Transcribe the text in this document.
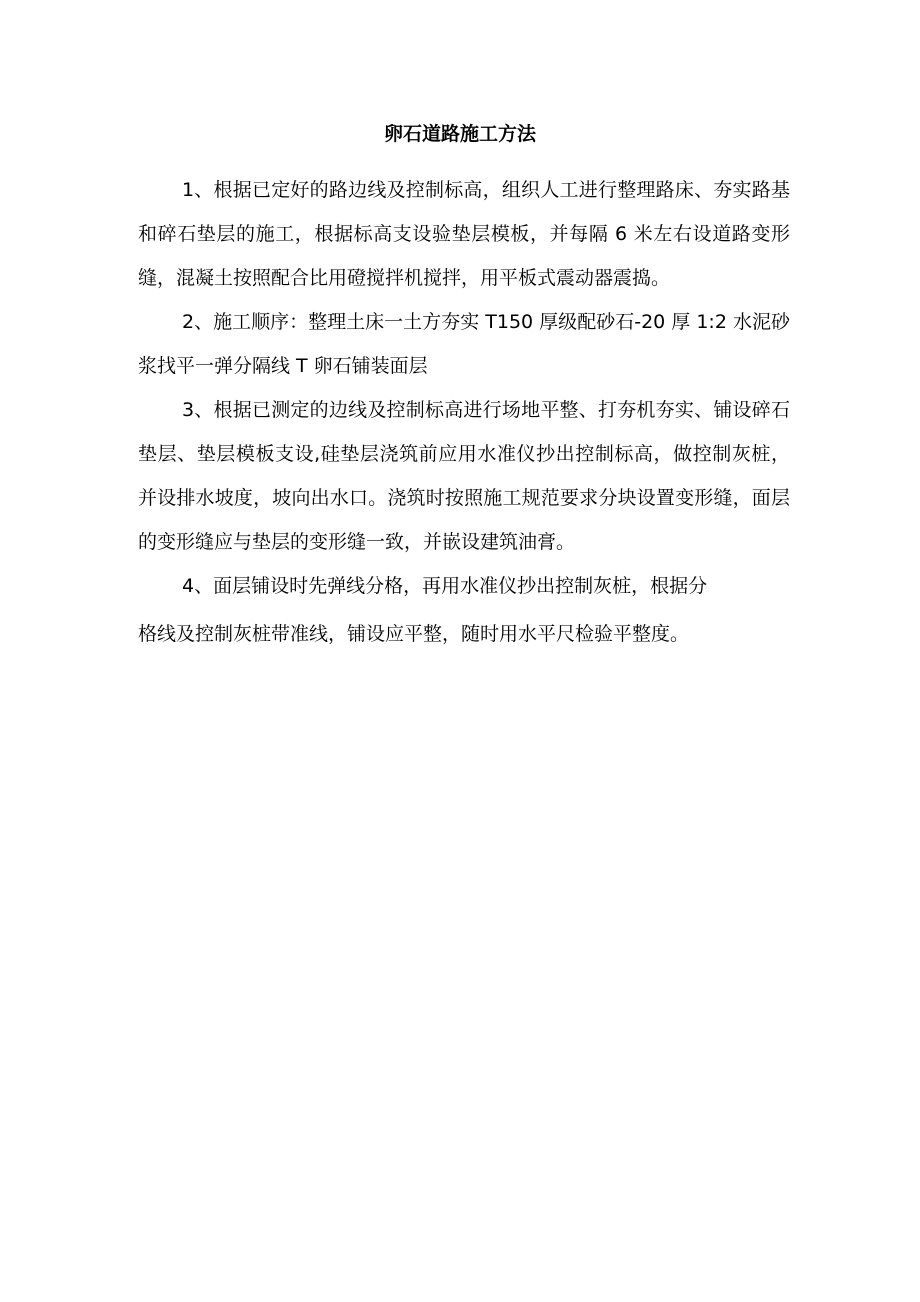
卵石道路施工方法

1、根据已定好的路边线及控制标高，组织人工进行整理路床、夯实路基和碎石垫层的施工，根据标高支设验垫层模板，并每隔 6 米左右设道路变形缝，混凝土按照配合比用磴搅拌机搅拌，用平板式震动器震捣。

2、施工顺序：整理土床一土方夯实 T150 厚级配砂石-20 厚 1:2 水泥砂浆找平一弹分隔线 T 卵石铺装面层

3、根据已测定的边线及控制标高进行场地平整、打夯机夯实、铺设碎石垫层、垫层模板支设,硅垫层浇筑前应用水准仪抄出控制标高，做控制灰桩，并设排水坡度，坡向出水口。浇筑时按照施工规范要求分块设置变形缝，面层的变形缝应与垫层的变形缝一致，并嵌设建筑油膏。

4、面层铺设时先弹线分格，再用水准仪抄出控制灰桩，根据分

格线及控制灰桩带准线，铺设应平整，随时用水平尺检验平整度。
